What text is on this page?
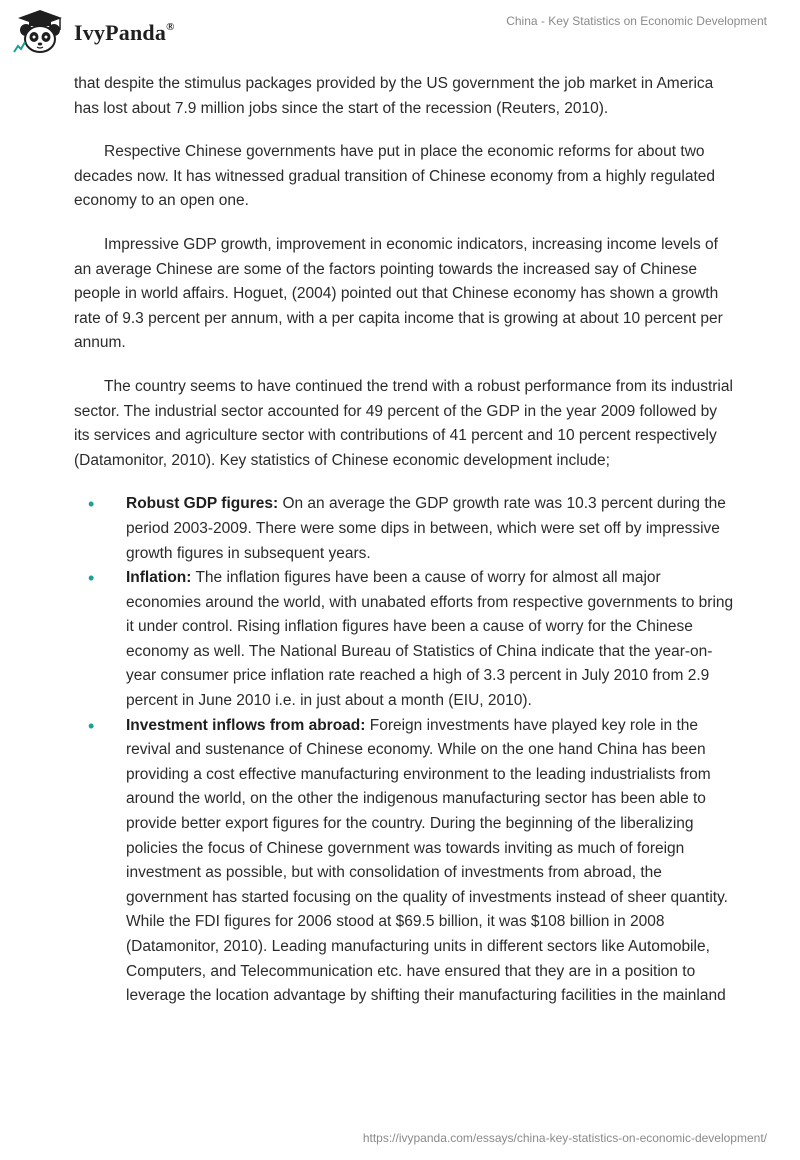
IvyPanda®	China - Key Statistics on Economic Development

that despite the stimulus packages provided by the US government the job market in America has lost about 7.9 million jobs since the start of the recession (Reuters, 2010).

Respective Chinese governments have put in place the economic reforms for about two decades now. It has witnessed gradual transition of Chinese economy from a highly regulated economy to an open one.

Impressive GDP growth, improvement in economic indicators, increasing income levels of an average Chinese are some of the factors pointing towards the increased say of Chinese people in world affairs. Hoguet, (2004) pointed out that Chinese economy has shown a growth rate of 9.3 percent per annum, with a per capita income that is growing at about 10 percent per annum.

The country seems to have continued the trend with a robust performance from its industrial sector. The industrial sector accounted for 49 percent of the GDP in the year 2009 followed by its services and agriculture sector with contributions of 41 percent and 10 percent respectively (Datamonitor, 2010). Key statistics of Chinese economic development include;

• Robust GDP figures: On an average the GDP growth rate was 10.3 percent during the period 2003-2009. There were some dips in between, which were set off by impressive growth figures in subsequent years.
• Inflation: The inflation figures have been a cause of worry for almost all major economies around the world, with unabated efforts from respective governments to bring it under control. Rising inflation figures have been a cause of worry for the Chinese economy as well. The National Bureau of Statistics of China indicate that the year-on-year consumer price inflation rate reached a high of 3.3 percent in July 2010 from 2.9 percent in June 2010 i.e. in just about a month (EIU, 2010).
• Investment inflows from abroad: Foreign investments have played key role in the revival and sustenance of Chinese economy. While on the one hand China has been providing a cost effective manufacturing environment to the leading industrialists from around the world, on the other the indigenous manufacturing sector has been able to provide better export figures for the country. During the beginning of the liberalizing policies the focus of Chinese government was towards inviting as much of foreign investment as possible, but with consolidation of investments from abroad, the government has started focusing on the quality of investments instead of sheer quantity. While the FDI figures for 2006 stood at $69.5 billion, it was $108 billion in 2008 (Datamonitor, 2010). Leading manufacturing units in different sectors like Automobile, Computers, and Telecommunication etc. have ensured that they are in a position to leverage the location advantage by shifting their manufacturing facilities in the mainland
https://ivypanda.com/essays/china-key-statistics-on-economic-development/
